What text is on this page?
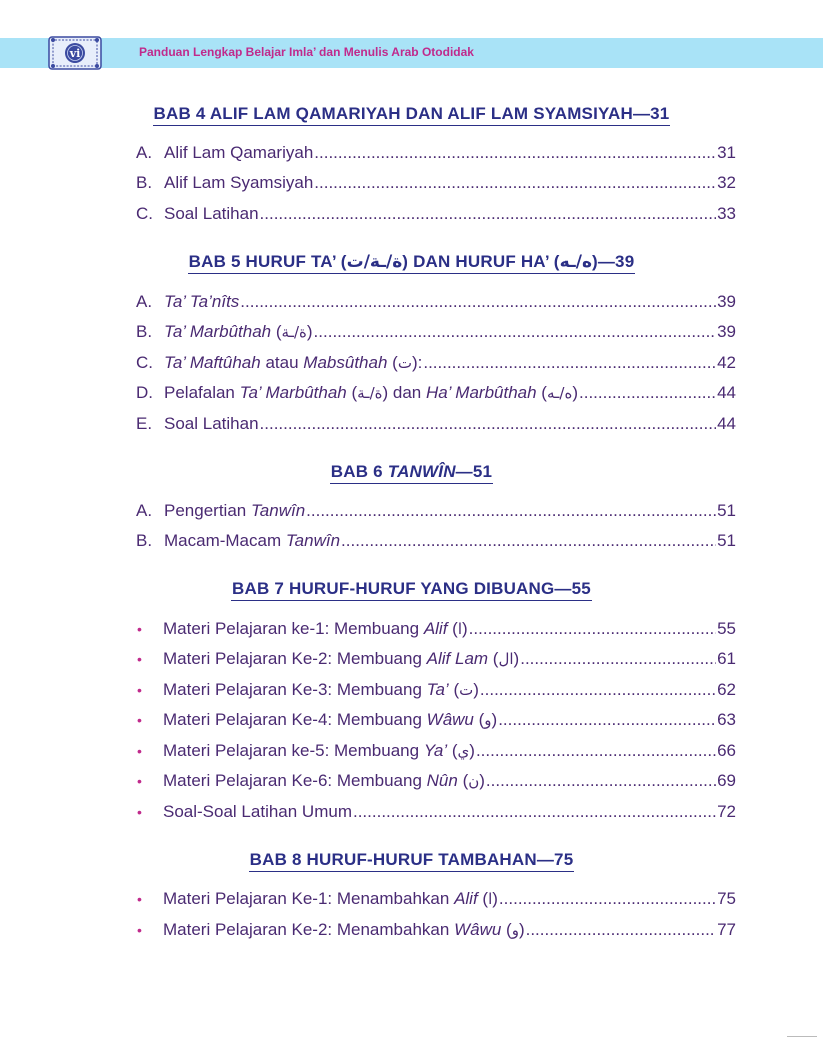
vi	Panduan Lengkap Belajar Imla’ dan Menulis Arab Otodidak
BAB 4 ALIF LAM QAMARIYAH DAN ALIF LAM SYAMSIYAH—31
A. Alif Lam Qamariyah .....	31
B. Alif Lam Syamsiyah .....	32
C. Soal Latihan .....	33
BAB 5 HURUF TA’ (ة/ـة/ت) DAN HURUF HA’ (ه/ـه)—39
A. Ta’ Ta’nîts .....	39
B. Ta’ Marbûthah (ة/ـة) .....	39
C. Ta’ Maftûhah atau Mabsûthah (ت): .....	42
D. Pelafalan Ta’ Marbûthah (ة/ـة) dan Ha’ Marbûthah (ه/ـه) .....	44
E. Soal Latihan .....	44
BAB 6 TANWÎN—51
A. Pengertian Tanwîn .....	51
B. Macam-Macam Tanwîn .....	51
BAB 7 HURUF-HURUF YANG DIBUANG—55
•	Materi Pelajaran ke-1: Membuang Alif (ا) .....	55
•	Materi Pelajaran Ke-2: Membuang Alif Lam (ال) .....	61
•	Materi Pelajaran Ke-3: Membuang Ta’ (ت) .....	62
•	Materi Pelajaran Ke-4: Membuang Wâwu (و) .....	63
•	Materi Pelajaran ke-5: Membuang Ya’ (ي) .....	66
•	Materi Pelajaran Ke-6: Membuang Nûn (ن) .....	69
•	Soal-Soal Latihan Umum .....	72
BAB 8 HURUF-HURUF TAMBAHAN—75
•	Materi Pelajaran Ke-1: Menambahkan Alif (ا) .....	75
•	Materi Pelajaran Ke-2: Menambahkan Wâwu (و) .....	77
